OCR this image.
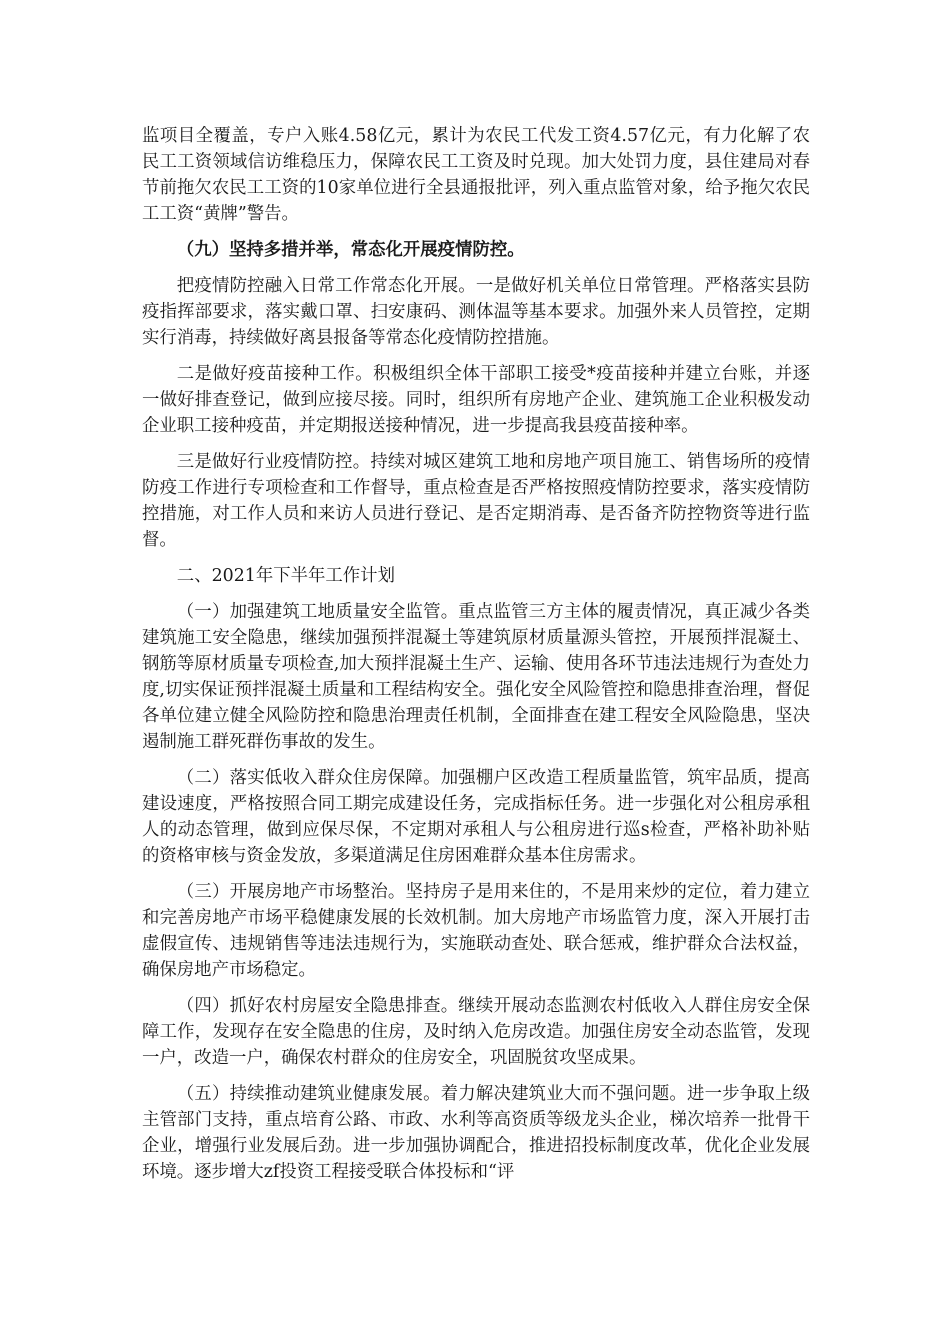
监项目全覆盖，专户入账4.58亿元，累计为农民工代发工资4.57亿元，有力化解了农民工工资领域信访维稳压力，保障农民工工资及时兑现。加大处罚力度，县住建局对春节前拖欠农民工工资的10家单位进行全县通报批评，列入重点监管对象，给予拖欠农民工工资“黄牌”警告。

（九）坚持多措并举，常态化开展疫情防控。

把疫情防控融入日常工作常态化开展。一是做好机关单位日常管理。严格落实县防疫指挥部要求，落实戴口罩、扫安康码、测体温等基本要求。加强外来人员管控，定期实行消毒，持续做好离县报备等常态化疫情防控措施。

二是做好疫苗接种工作。积极组织全体干部职工接受*疫苗接种并建立台账，并逐一做好排查登记，做到应接尽接。同时，组织所有房地产企业、建筑施工企业积极发动企业职工接种疫苗，并定期报送接种情况，进一步提高我县疫苗接种率。

三是做好行业疫情防控。持续对城区建筑工地和房地产项目施工、销售场所的疫情防疫工作进行专项检查和工作督导，重点检查是否严格按照疫情防控要求，落实疫情防控措施，对工作人员和来访人员进行登记、是否定期消毒、是否备齐防控物资等进行监督。

二、2021年下半年工作计划

（一）加强建筑工地质量安全监管。重点监管三方主体的履责情况，真正减少各类建筑施工安全隐患，继续加强预拌混凝土等建筑原材质量源头管控，开展预拌混凝土、钢筋等原材质量专项检查,加大预拌混凝土生产、运输、使用各环节违法违规行为查处力度,切实保证预拌混凝土质量和工程结构安全。强化安全风险管控和隐患排查治理，督促各单位建立健全风险防控和隐患治理责任机制，全面排查在建工程安全风险隐患，坚决遏制施工群死群伤事故的发生。

（二）落实低收入群众住房保障。加强棚户区改造工程质量监管，筑牢品质，提高建设速度，严格按照合同工期完成建设任务，完成指标任务。进一步强化对公租房承租人的动态管理，做到应保尽保，不定期对承租人与公租房进行巡s检查，严格补助补贴的资格审核与资金发放，多渠道满足住房困难群众基本住房需求。

（三）开展房地产市场整治。坚持房子是用来住的，不是用来炒的定位，着力建立和完善房地产市场平稳健康发展的长效机制。加大房地产市场监管力度，深入开展打击虚假宣传、违规销售等违法违规行为，实施联动查处、联合惩戒，维护群众合法权益，确保房地产市场稳定。

（四）抓好农村房屋安全隐患排查。继续开展动态监测农村低收入人群住房安全保障工作，发现存在安全隐患的住房，及时纳入危房改造。加强住房安全动态监管，发现一户，改造一户，确保农村群众的住房安全，巩固脱贫攻坚成果。

（五）持续推动建筑业健康发展。着力解决建筑业大而不强问题。进一步争取上级主管部门支持，重点培育公路、市政、水利等高资质等级龙头企业，梯次培养一批骨干企业，增强行业发展后劲。进一步加强协调配合，推进招投标制度改革，优化企业发展环境。逐步增大zf投资工程接受联合体投标和“评
